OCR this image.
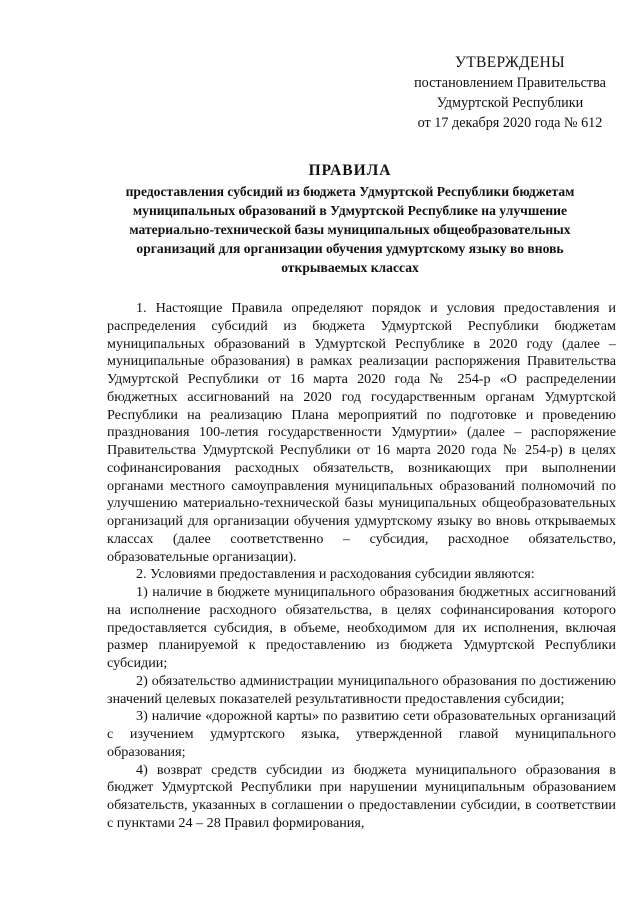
УТВЕРЖДЕНЫ
постановлением Правительства
Удмуртской Республики
от 17 декабря 2020 года № 612
ПРАВИЛА
предоставления субсидий из бюджета Удмуртской Республики бюджетам муниципальных образований в Удмуртской Республике на улучшение материально-технической базы муниципальных общеобразовательных организаций для организации обучения удмуртскому языку во вновь открываемых классах

1. Настоящие Правила определяют порядок и условия предоставления и распределения субсидий из бюджета Удмуртской Республики бюджетам муниципальных образований в Удмуртской Республике в 2020 году (далее – муниципальные образования) в рамках реализации распоряжения Правительства Удмуртской Республики от 16 марта 2020 года № 254-р «О распределении бюджетных ассигнований на 2020 год государственным органам Удмуртской Республики на реализацию Плана мероприятий по подготовке и проведению празднования 100-летия государственности Удмуртии» (далее – распоряжение Правительства Удмуртской Республики от 16 марта 2020 года № 254-р) в целях софинансирования расходных обязательств, возникающих при выполнении органами местного самоуправления муниципальных образований полномочий по улучшению материально-технической базы муниципальных общеобразовательных организаций для организации обучения удмуртскому языку во вновь открываемых классах (далее соответственно – субсидия, расходное обязательство, образовательные организации).

2. Условиями предоставления и расходования субсидии являются:

1) наличие в бюджете муниципального образования бюджетных ассигнований на исполнение расходного обязательства, в целях софинансирования которого предоставляется субсидия, в объеме, необходимом для их исполнения, включая размер планируемой к предоставлению из бюджета Удмуртской Республики субсидии;

2) обязательство администрации муниципального образования по достижению значений целевых показателей результативности предоставления субсидии;

3) наличие «дорожной карты» по развитию сети образовательных организаций с изучением удмуртского языка, утвержденной главой муниципального образования;

4) возврат средств субсидии из бюджета муниципального образования в бюджет Удмуртской Республики при нарушении муниципальным образованием обязательств, указанных в соглашении о предоставлении субсидии, в соответствии с пунктами 24 – 28 Правил формирования,
